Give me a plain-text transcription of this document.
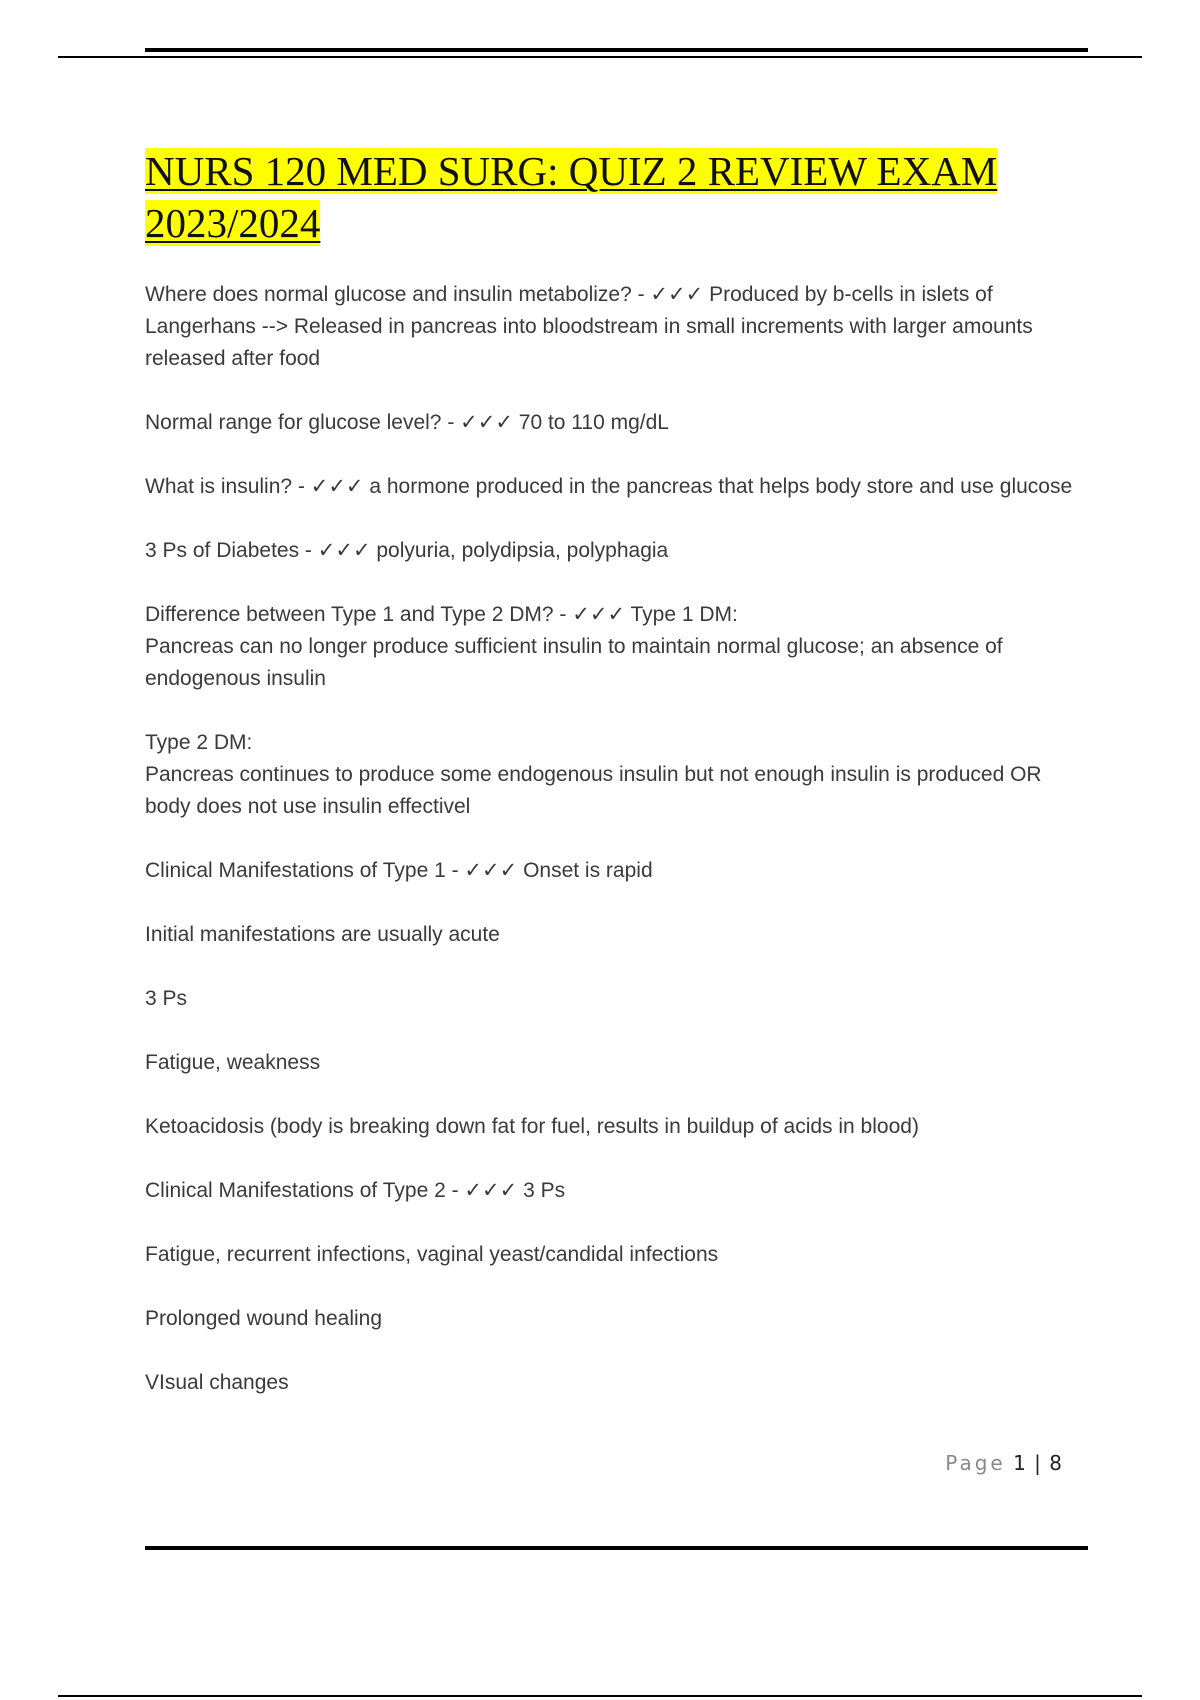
NURS 120 MED SURG: QUIZ 2 REVIEW EXAM 2023/2024

Where does normal glucose and insulin metabolize? - ✓✓✓ Produced by b-cells in islets of Langerhans --> Released in pancreas into bloodstream in small increments with larger amounts released after food

Normal range for glucose level? - ✓✓✓ 70 to 110 mg/dL

What is insulin? - ✓✓✓ a hormone produced in the pancreas that helps body store and use glucose

3 Ps of Diabetes - ✓✓✓ polyuria, polydipsia, polyphagia

Difference between Type 1 and Type 2 DM? - ✓✓✓ Type 1 DM:
Pancreas can no longer produce sufficient insulin to maintain normal glucose; an absence of endogenous insulin

Type 2 DM:
Pancreas continues to produce some endogenous insulin but not enough insulin is produced OR body does not use insulin effectivel

Clinical Manifestations of Type 1 - ✓✓✓ Onset is rapid

Initial manifestations are usually acute

3 Ps

Fatigue, weakness

Ketoacidosis (body is breaking down fat for fuel, results in buildup of acids in blood)

Clinical Manifestations of Type 2 - ✓✓✓ 3 Ps

Fatigue, recurrent infections, vaginal yeast/candidal infections

Prolonged wound healing

VIsual changes

Page 1 | 8
